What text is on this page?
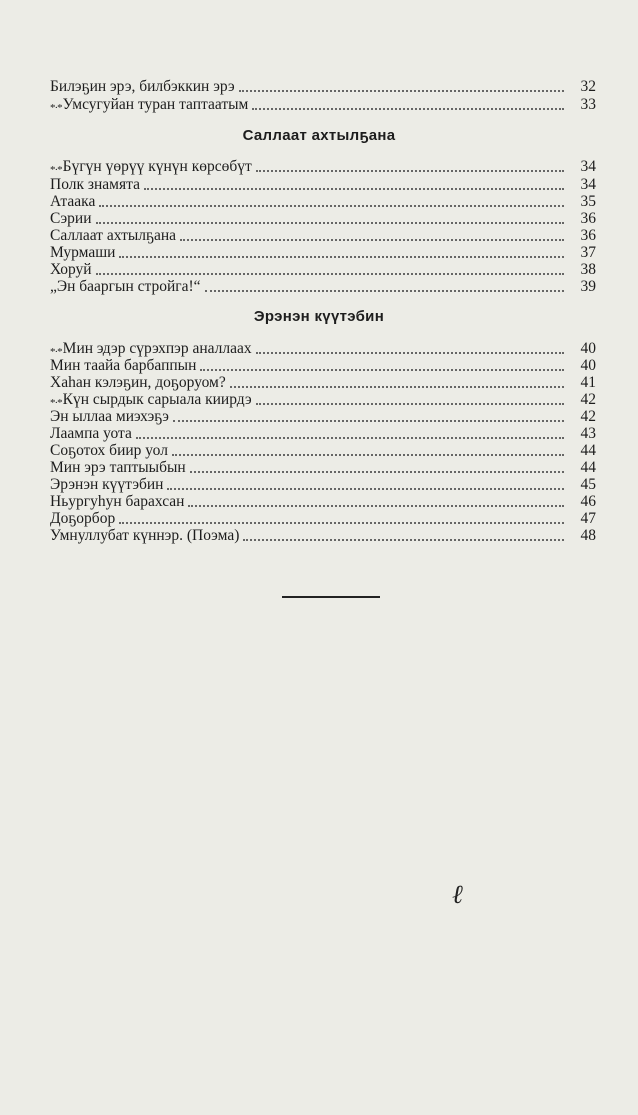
Билэҕин эрэ, билбэккин эрэ	32
*·* Умсугуйан туран таптаатым	33
Саллаат ахтылҕана
*·* Бүгүн үөрүү күнүн көрсөбүт	34
Полк знамята	34
Атаака	35
Сэрии	36
Саллаат ахтылҕана	36
Мурмаши	37
Хоруй	38
„Эн бааргын стройга!“	39
Эрэнэн күүтэбин
*·* Мин эдэр сүрэхпэр аналлаах	40
Мин таайа барбаппын	40
Хаһан кэлэҕин, доҕоруом?	41
*·* Күн сырдык сарыала киирдэ	42
Эн ыллаа миэхэҕэ	42
Лаампа уота	43
Соҕотох биир уол	44
Мин эрэ таптыыбын	44
Эрэнэн күүтэбин	45
Ньургуһун барахсан	46
Доҕорбор	47
Умнуллубат күннэр. (Поэма)	48
ℓ
